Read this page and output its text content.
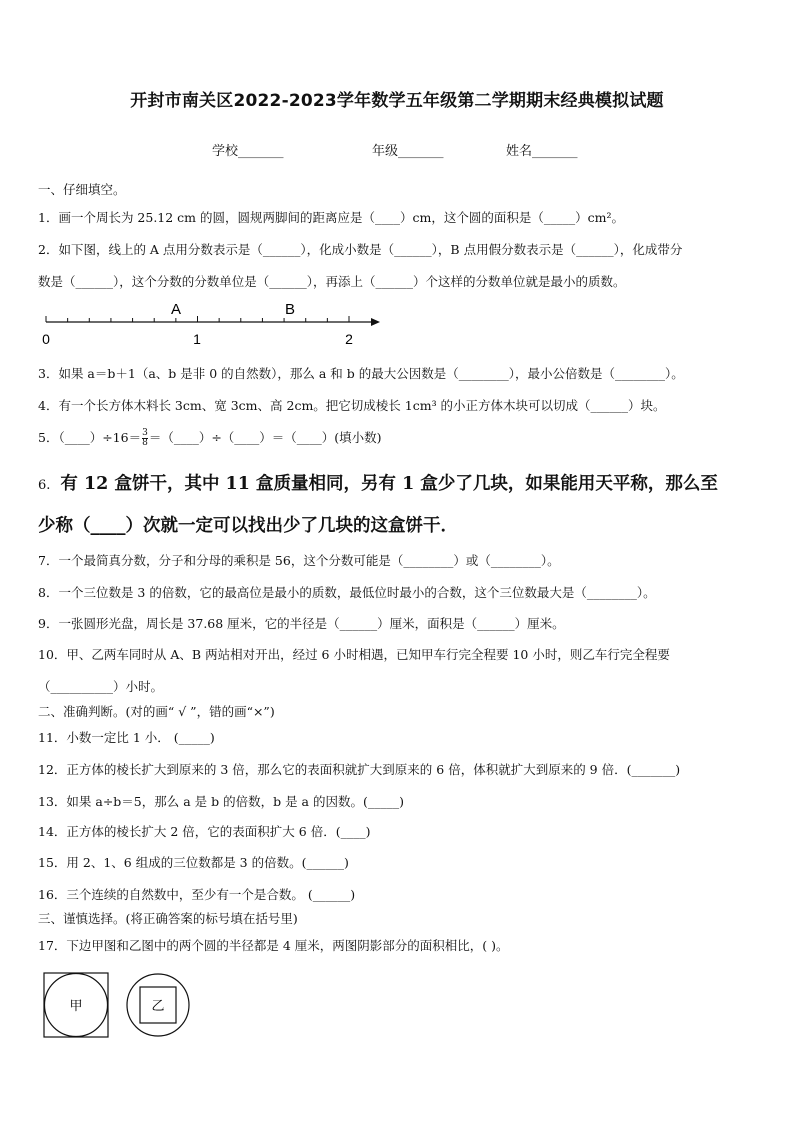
开封市南关区2022-2023学年数学五年级第二学期期末经典模拟试题
学校_______	年级_______	姓名_______
一、仔细填空。
1．画一个周长为 25.12 cm 的圆，圆规两脚间的距离应是（____）cm，这个圆的面积是（_____）cm²。
2．如下图，线上的 A 点用分数表示是（______），化成小数是（______），B 点用假分数表示是（______），化成带分
数是（______），这个分数的分数单位是（______），再添上（______）个这样的分数单位就是最小的质数。
A	B
0	1	2
3．如果 a＝b＋1（a、b 是非 0 的自然数），那么 a 和 b 的最大公因数是（________），最小公倍数是（________）。
4．有一个长方体木料长 3cm、宽 3cm、高 2cm。把它切成棱长 1cm³ 的小正方体木块可以切成（______）块。
5．（____）÷16＝ $\frac{3}{8}$ ＝（____）÷（____）＝（____）(填小数)
6. 有 12 盒饼干，其中 11 盒质量相同，另有 1 盒少了几块，如果能用天平称，那么至
少称（____）次就一定可以找出少了几块的这盒饼干．
7．一个最简真分数，分子和分母的乘积是 56，这个分数可能是（________）或（________）。
8．一个三位数是 3 的倍数，它的最高位是最小的质数，最低位时最小的合数，这个三位数最大是（________）。
9．一张圆形光盘，周长是 37.68 厘米，它的半径是（______）厘米，面积是（______）厘米。
10．甲、乙两车同时从 A、B 两站相对开出，经过 6 小时相遇，已知甲车行完全程要 10 小时，则乙车行完全程要
（__________）小时。
二、准确判断。(对的画“ √ ”，错的画“×”)
11．小数一定比 1 小． (_____)
12．正方体的棱长扩大到原来的 3 倍，那么它的表面积就扩大到原来的 6 倍，体积就扩大到原来的 9 倍．(_______)
13．如果 a÷b＝5，那么 a 是 b 的倍数，b 是 a 的因数。(_____)
14．正方体的棱长扩大 2 倍，它的表面积扩大 6 倍．(____)
15．用 2、1、6 组成的三位数都是 3 的倍数。(______)
16．三个连续的自然数中，至少有一个是合数。 (______)
三、谨慎选择。(将正确答案的标号填在括号里)
17．下边甲图和乙图中的两个圆的半径都是 4 厘米，两图阴影部分的面积相比，( )。
甲	乙
